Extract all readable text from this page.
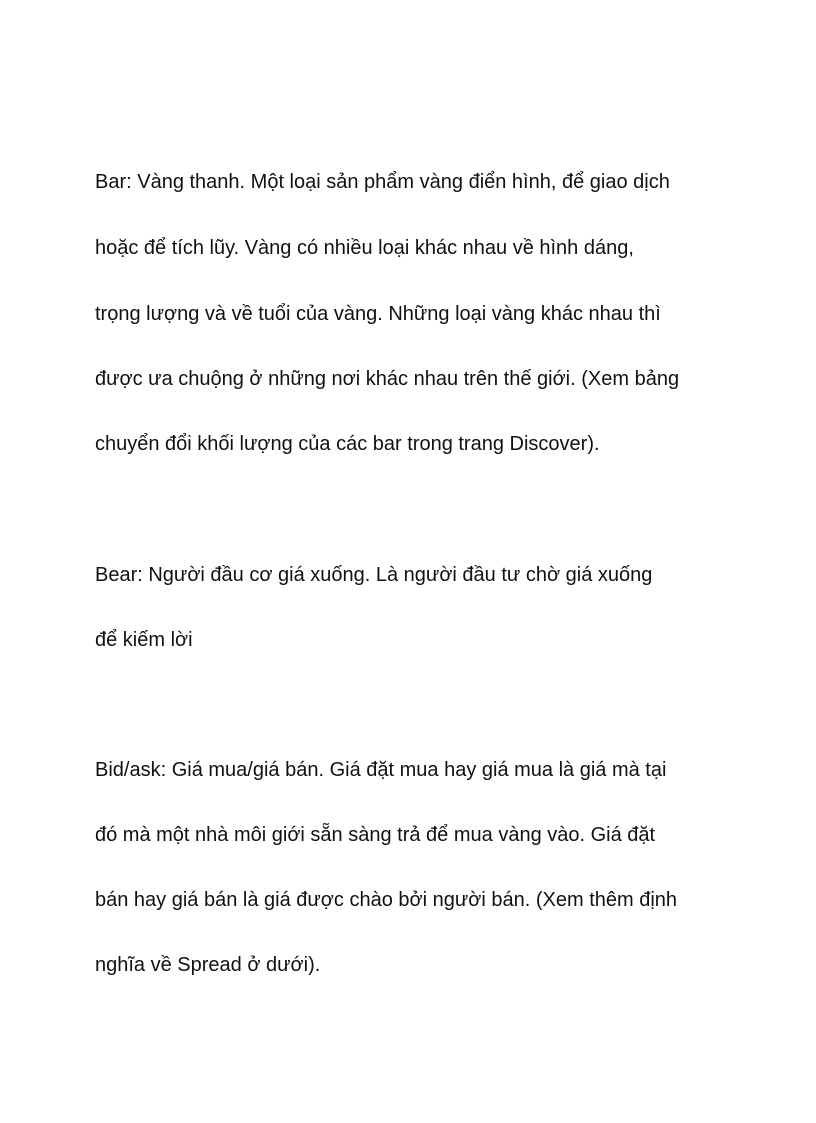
Bar: Vàng thanh. Một loại sản phẩm vàng điển hình, để giao dịch

hoặc để tích lũy. Vàng có nhiều loại khác nhau về hình dáng,

trọng lượng và về tuổi của vàng. Những loại vàng khác nhau thì

được ưa chuộng ở những nơi khác nhau trên thế giới. (Xem bảng

chuyển đổi khối lượng của các bar trong trang Discover).

Bear: Người đầu cơ giá xuống. Là người đầu tư chờ giá xuống

để kiếm lời

Bid/ask: Giá mua/giá bán. Giá đặt mua hay giá mua là giá mà tại

đó mà một nhà môi giới sẵn sàng trả để mua vàng vào. Giá đặt

bán hay giá bán là giá được chào bởi người bán. (Xem thêm định

nghĩa về Spread ở dưới).
